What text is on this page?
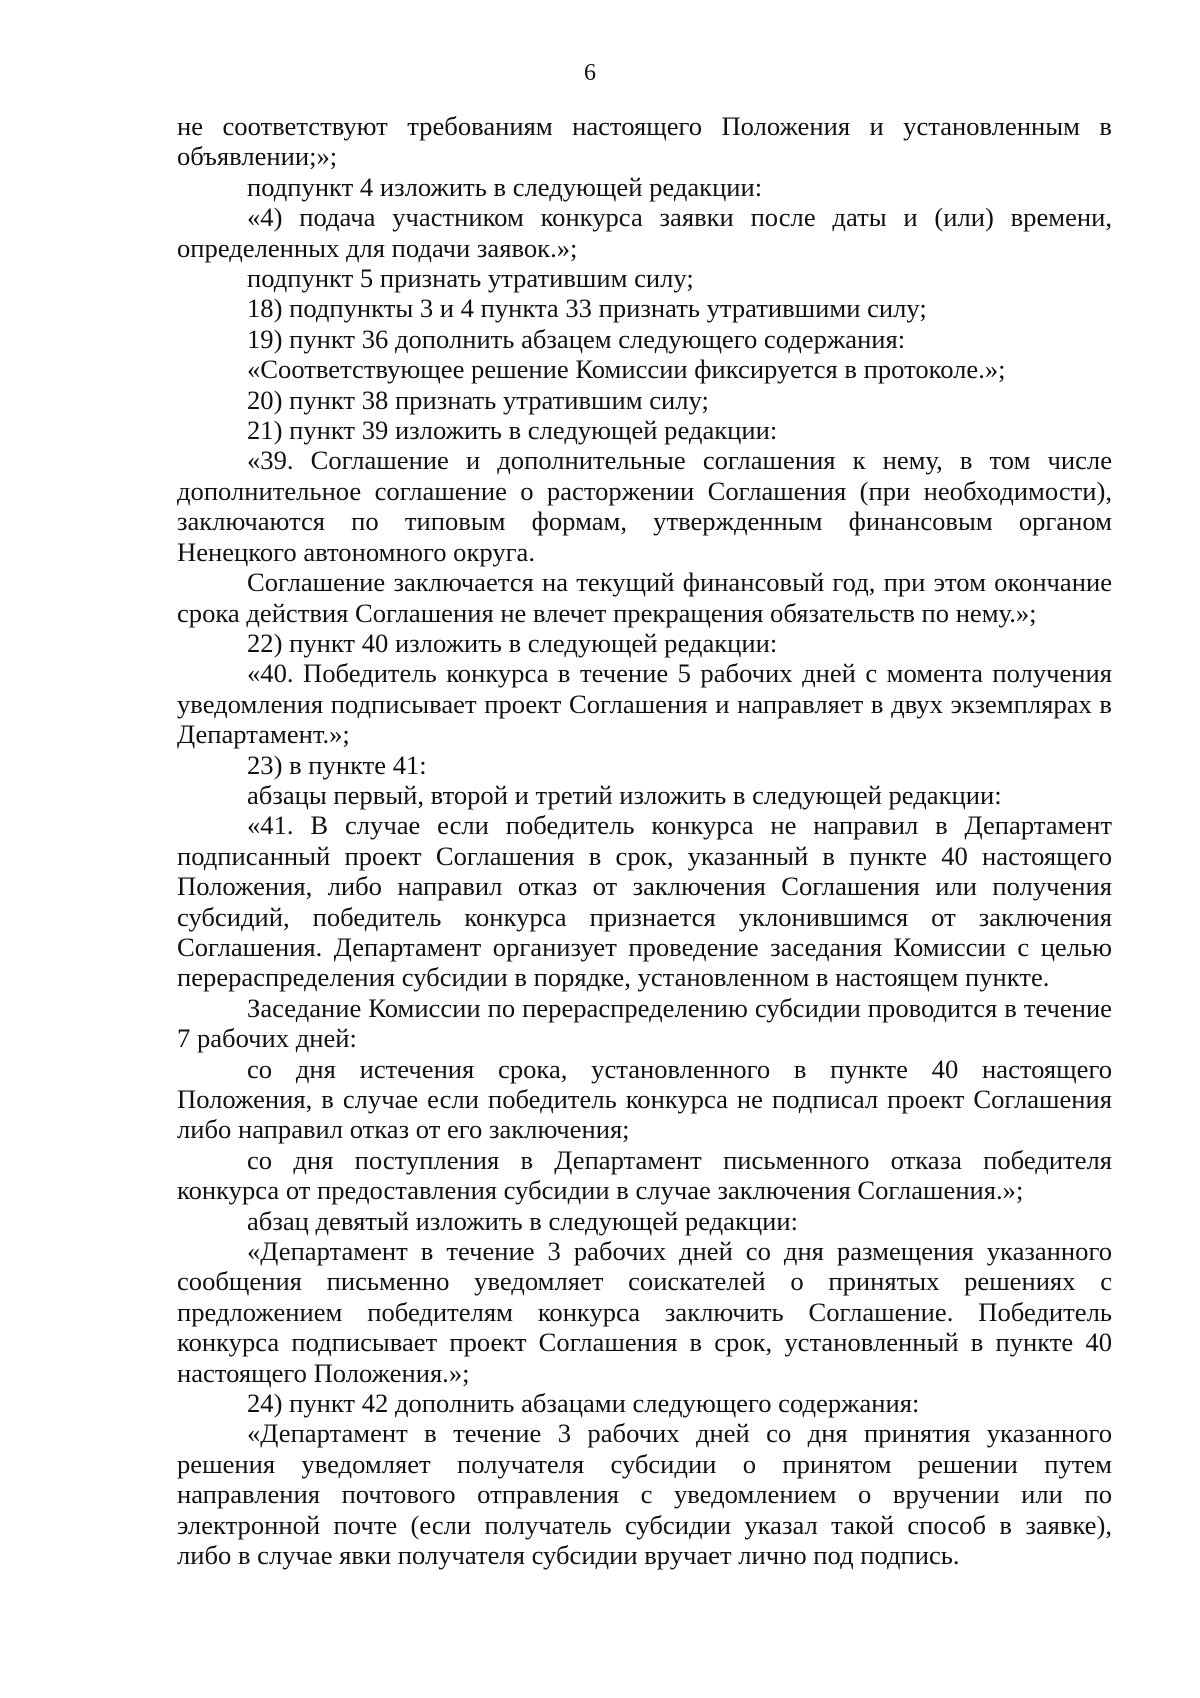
6

не соответствуют требованиям настоящего Положения и установленным в объявлении;»;

подпункт 4 изложить в следующей редакции:

«4) подача участником конкурса заявки после даты и (или) времени, определенных для подачи заявок.»;

подпункт 5 признать утратившим силу;

18) подпункты 3 и 4 пункта 33 признать утратившими силу;

19) пункт 36 дополнить абзацем следующего содержания:

«Соответствующее решение Комиссии фиксируется в протоколе.»;

20) пункт 38 признать утратившим силу;

21) пункт 39 изложить в следующей редакции:

«39. Соглашение и дополнительные соглашения к нему, в том числе дополнительное соглашение о расторжении Соглашения (при необходимости), заключаются по типовым формам, утвержденным финансовым органом Ненецкого автономного округа.

Соглашение заключается на текущий финансовый год, при этом окончание срока действия Соглашения не влечет прекращения обязательств по нему.»;

22) пункт 40 изложить в следующей редакции:

«40. Победитель конкурса в течение 5 рабочих дней с момента получения уведомления подписывает проект Соглашения и направляет в двух экземплярах в Департамент.»;

23) в пункте 41:

абзацы первый, второй и третий изложить в следующей редакции:

«41. В случае если победитель конкурса не направил в Департамент подписанный проект Соглашения в срок, указанный в пункте 40 настоящего Положения, либо направил отказ от заключения Соглашения или получения субсидий, победитель конкурса признается уклонившимся от заключения Соглашения. Департамент организует проведение заседания Комиссии с целью перераспределения субсидии в порядке, установленном в настоящем пункте.

Заседание Комиссии по перераспределению субсидии проводится в течение 7 рабочих дней:

со дня истечения срока, установленного в пункте 40 настоящего Положения, в случае если победитель конкурса не подписал проект Соглашения либо направил отказ от его заключения;

со дня поступления в Департамент письменного отказа победителя конкурса от предоставления субсидии в случае заключения Соглашения.»;

абзац девятый изложить в следующей редакции:

«Департамент в течение 3 рабочих дней со дня размещения указанного сообщения письменно уведомляет соискателей о принятых решениях с предложением победителям конкурса заключить Соглашение. Победитель конкурса подписывает проект Соглашения в срок, установленный в пункте 40 настоящего Положения.»;

24) пункт 42 дополнить абзацами следующего содержания:

«Департамент в течение 3 рабочих дней со дня принятия указанного решения уведомляет получателя субсидии о принятом решении путем направления почтового отправления с уведомлением о вручении или по электронной почте (если получатель субсидии указал такой способ в заявке), либо в случае явки получателя субсидии вручает лично под подпись.
